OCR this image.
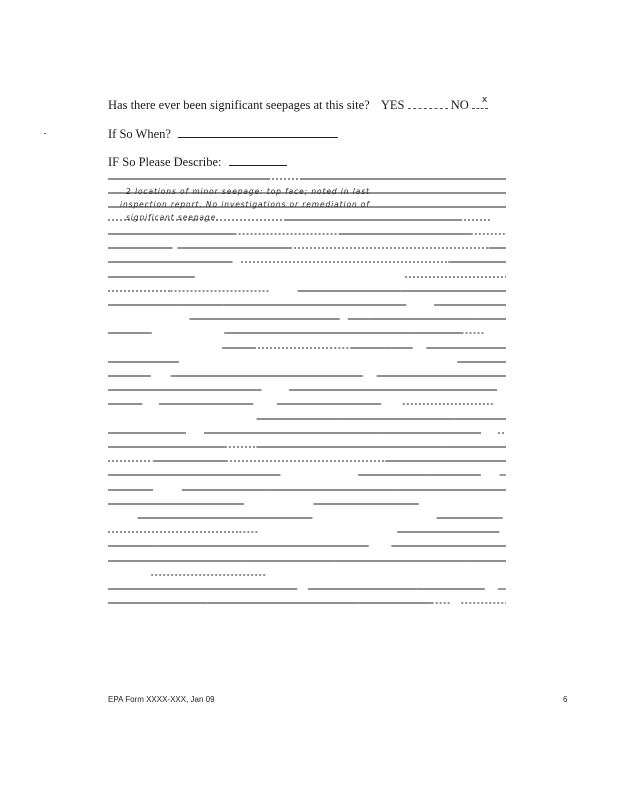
Has there ever been significant seepages at this site? YES	NO x
If So When?
IF So Please Describe:
2 locations of minor seepage: top face; noted in last
inspection report. No investigations or remediation of
significant seepage.
EPA Form XXXX-XXX, Jan 09	6
